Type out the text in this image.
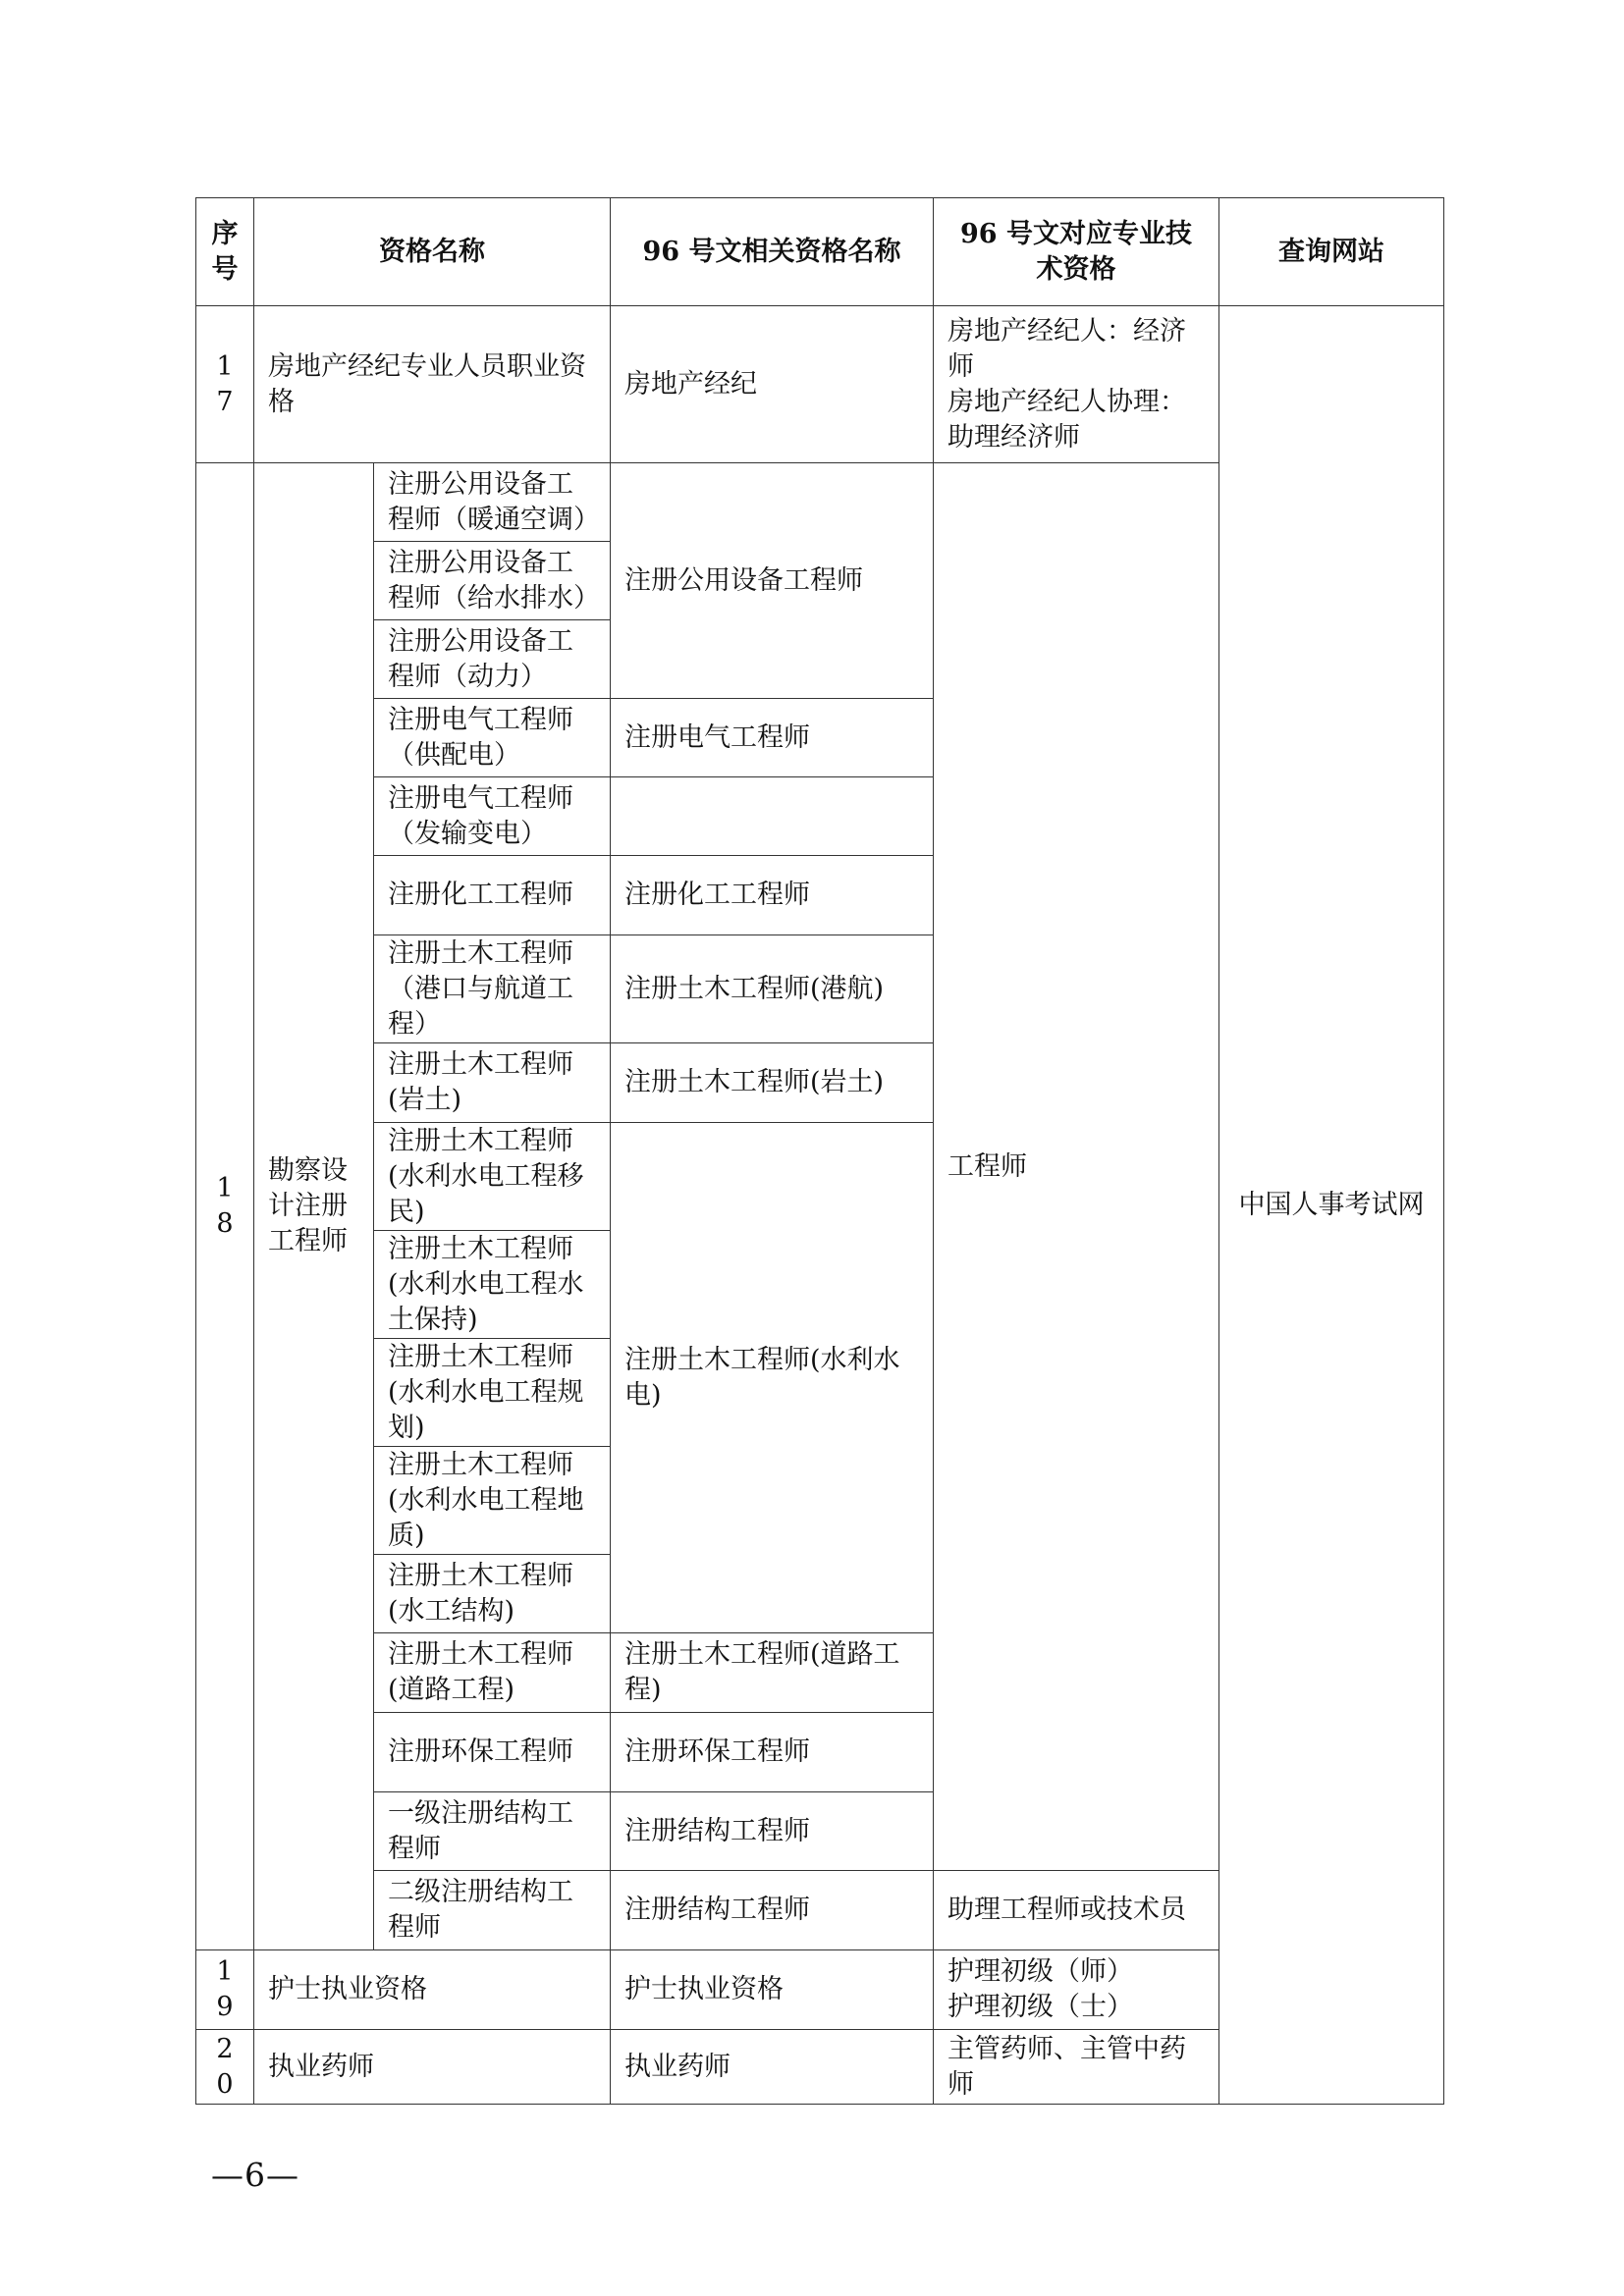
序号	资格名称		96 号文相关资格名称	96 号文对应专业技术资格	查询网站
17	房地产经纪专业人员职业资格		房地产经纪	房地产经纪人：经济师
房地产经纪人协理：助理经济师	中国人事考试网
18	勘察设计注册工程师	注册公用设备工程师（暖通空调）	注册公用设备工程师	工程师	
		注册公用设备工程师（给水排水）			
		注册公用设备工程师（动力）			
		注册电气工程师（供配电）	注册电气工程师		
		注册电气工程师（发输变电）			
		注册化工工程师	注册化工工程师		
		注册土木工程师（港口与航道工程）	注册土木工程师(港航)		
		注册土木工程师(岩土)	注册土木工程师(岩土)		
		注册土木工程师(水利水电工程移民)	注册土木工程师(水利水电)		
		注册土木工程师(水利水电工程水土保持)			
		注册土木工程师(水利水电工程规划)			
		注册土木工程师(水利水电工程地质)			
		注册土木工程师(水工结构)			
		注册土木工程师(道路工程)	注册土木工程师(道路工程)		
		注册环保工程师	注册环保工程师		
		一级注册结构工程师	注册结构工程师		
		二级注册结构工程师	注册结构工程师	助理工程师或技术员	
19	护士执业资格		护士执业资格	护理初级（师）
护理初级（士）	

20	执业药师		执业药师	主管药师、主管中药师	
—6—
